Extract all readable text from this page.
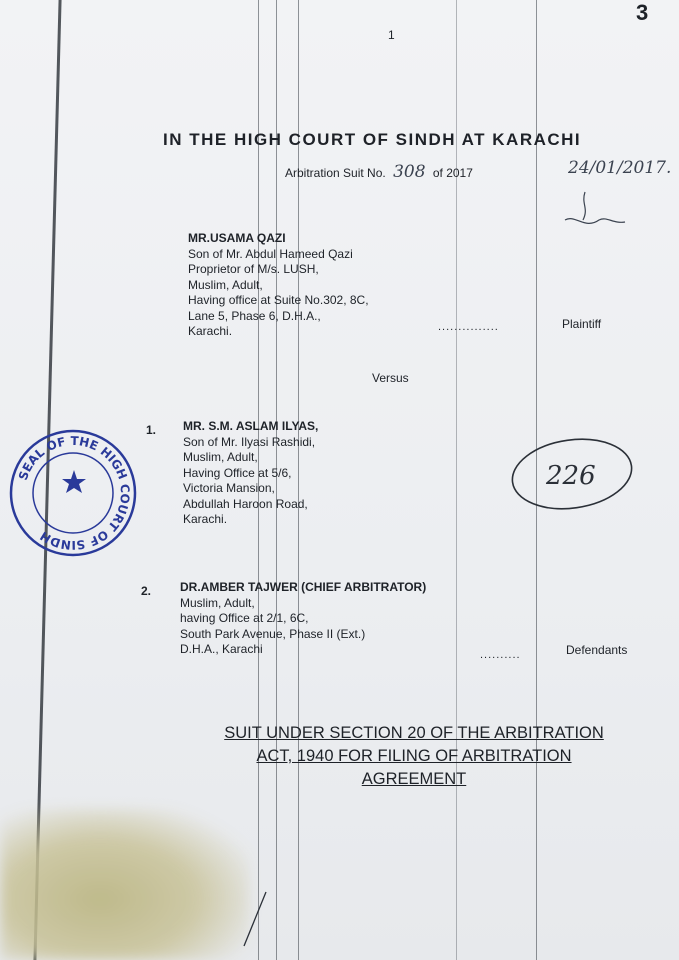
3
1
IN THE HIGH COURT OF SINDH AT KARACHI
Arbitration Suit No. 308 of 2017	24/01/2017.
MR.USAMA QAZI
Son of Mr. Abdul Hameed Qazi
Proprietor of M/s. LUSH,
Muslim, Adult,
Having office at Suite No.302, 8C,
Lane 5, Phase 6, D.H.A.,
Karachi.	...............	Plaintiff
Versus
1. MR. S.M. ASLAM ILYAS,
Son of Mr. Ilyasi Rashidi,
Muslim, Adult,
Having Office at 5/6,
Victoria Mansion,
Abdullah Haroon Road,
Karachi.
226
SEAL OF THE HIGH COURT OF SINDH
2. DR.AMBER TAJWER (CHIEF ARBITRATOR)
Muslim, Adult,
having Office at 2/1, 6C,
South Park Avenue, Phase II (Ext.)
D.H.A., Karachi	..........	Defendants
SUIT UNDER SECTION 20 OF THE ARBITRATION
ACT, 1940 FOR FILING OF ARBITRATION
AGREEMENT
